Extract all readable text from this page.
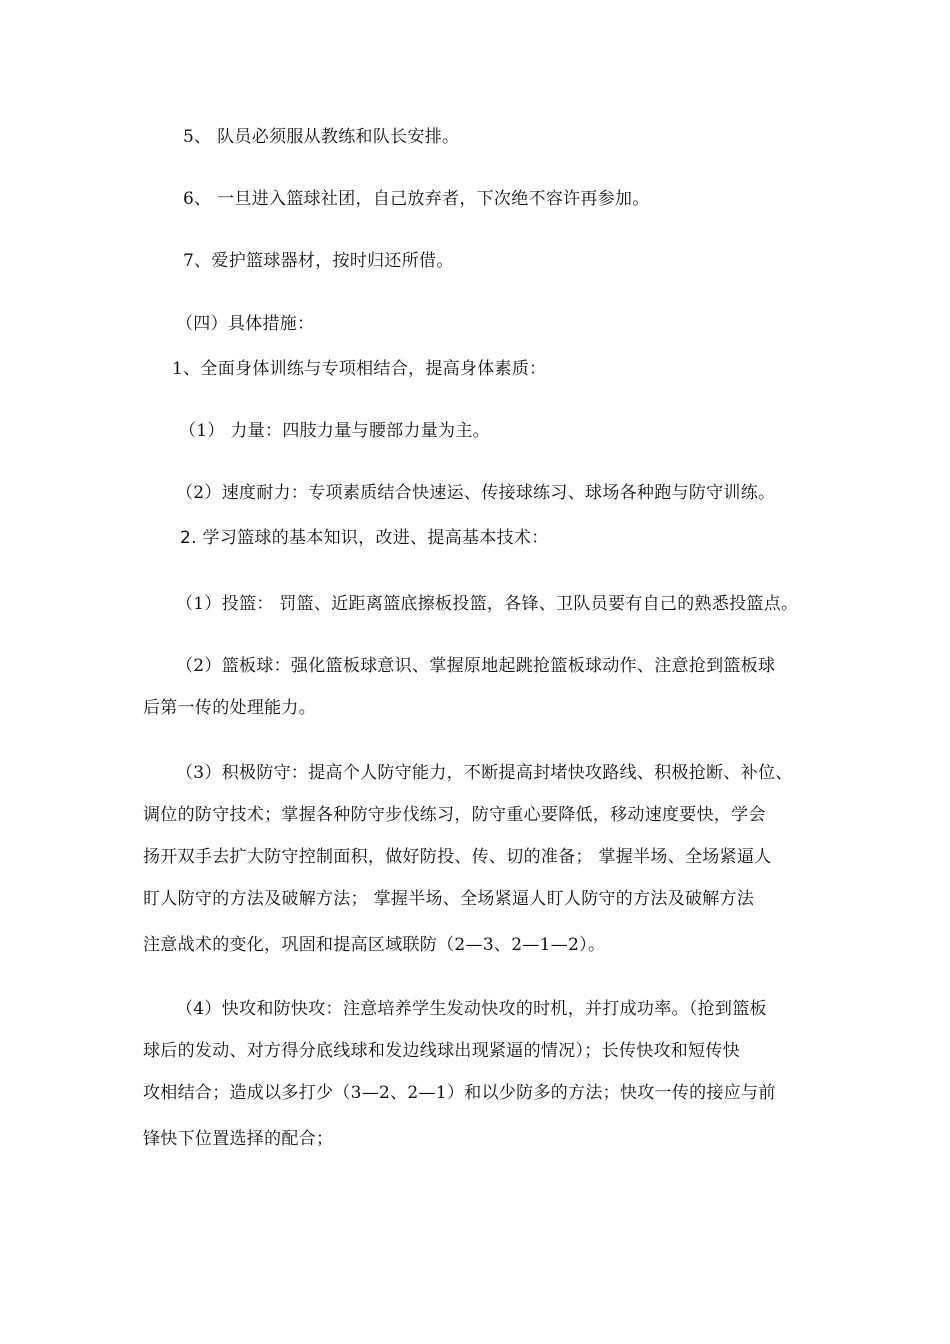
5、 队员必须服从教练和队长安排。
6、 一旦进入篮球社团，自己放弃者，下次绝不容许再参加。
7、爱护篮球器材，按时归还所借。
（四）具体措施：
1、全面身体训练与专项相结合，提高身体素质：
（1） 力量：四肢力量与腰部力量为主。
（2）速度耐力：专项素质结合快速运、传接球练习、球场各种跑与防守训练。
2. 学习篮球的基本知识，改进、提高基本技术：
（1）投篮： 罚篮、近距离篮底擦板投篮，各锋、卫队员要有自己的熟悉投篮点。
（2）篮板球：强化篮板球意识、掌握原地起跳抢篮板球动作、注意抢到篮板球
后第一传的处理能力。
（3）积极防守：提高个人防守能力，不断提高封堵快攻路线、积极抢断、补位、
调位的防守技术；掌握各种防守步伐练习，防守重心要降低，移动速度要快，学会
扬开双手去扩大防守控制面积，做好防投、传、切的准备； 掌握半场、全场紧逼人
盯人防守的方法及破解方法； 掌握半场、全场紧逼人盯人防守的方法及破解方法
注意战术的变化，巩固和提高区域联防（2—3、2—1—2）。
（4）快攻和防快攻：注意培养学生发动快攻的时机，并打成功率。（抢到篮板
球后的发动、对方得分底线球和发边线球出现紧逼的情况）；长传快攻和短传快
攻相结合；造成以多打少（3—2、2—1）和以少防多的方法；快攻一传的接应与前
锋快下位置选择的配合；
